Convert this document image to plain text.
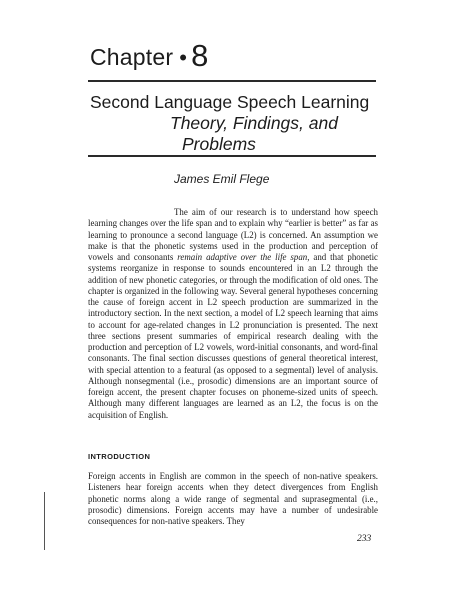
Chapter • 8
Second Language Speech Learning
Theory, Findings, and
Problems
James Emil Flege

The aim of our research is to understand how speech learning changes over the life span and to explain why “earlier is better” as far as learning to pronounce a second language (L2) is concerned. An assumption we make is that the phonetic systems used in the production and perception of vowels and consonants remain adaptive over the life span, and that phonetic systems reorganize in response to sounds encountered in an L2 through the addition of new phonetic categories, or through the modification of old ones. The chapter is organized in the following way. Several general hypotheses concerning the cause of foreign accent in L2 speech production are summarized in the introductory section. In the next section, a model of L2 speech learning that aims to account for age-related changes in L2 pronunciation is presented. The next three sections present summaries of empirical research dealing with the production and perception of L2 vowels, word-initial consonants, and word-final consonants. The final section discusses questions of general theoretical interest, with special attention to a featural (as opposed to a segmental) level of analysis. Although nonsegmental (i.e., prosodic) dimensions are an important source of foreign accent, the present chapter focuses on phoneme-sized units of speech. Although many different languages are learned as an L2, the focus is on the acquisition of English.

INTRODUCTION

Foreign accents in English are common in the speech of non-native speakers. Listeners hear foreign accents when they detect divergences from English phonetic norms along a wide range of segmental and suprasegmental (i.e., prosodic) dimensions. Foreign accents may have a number of undesirable consequences for non-native speakers. They

233
